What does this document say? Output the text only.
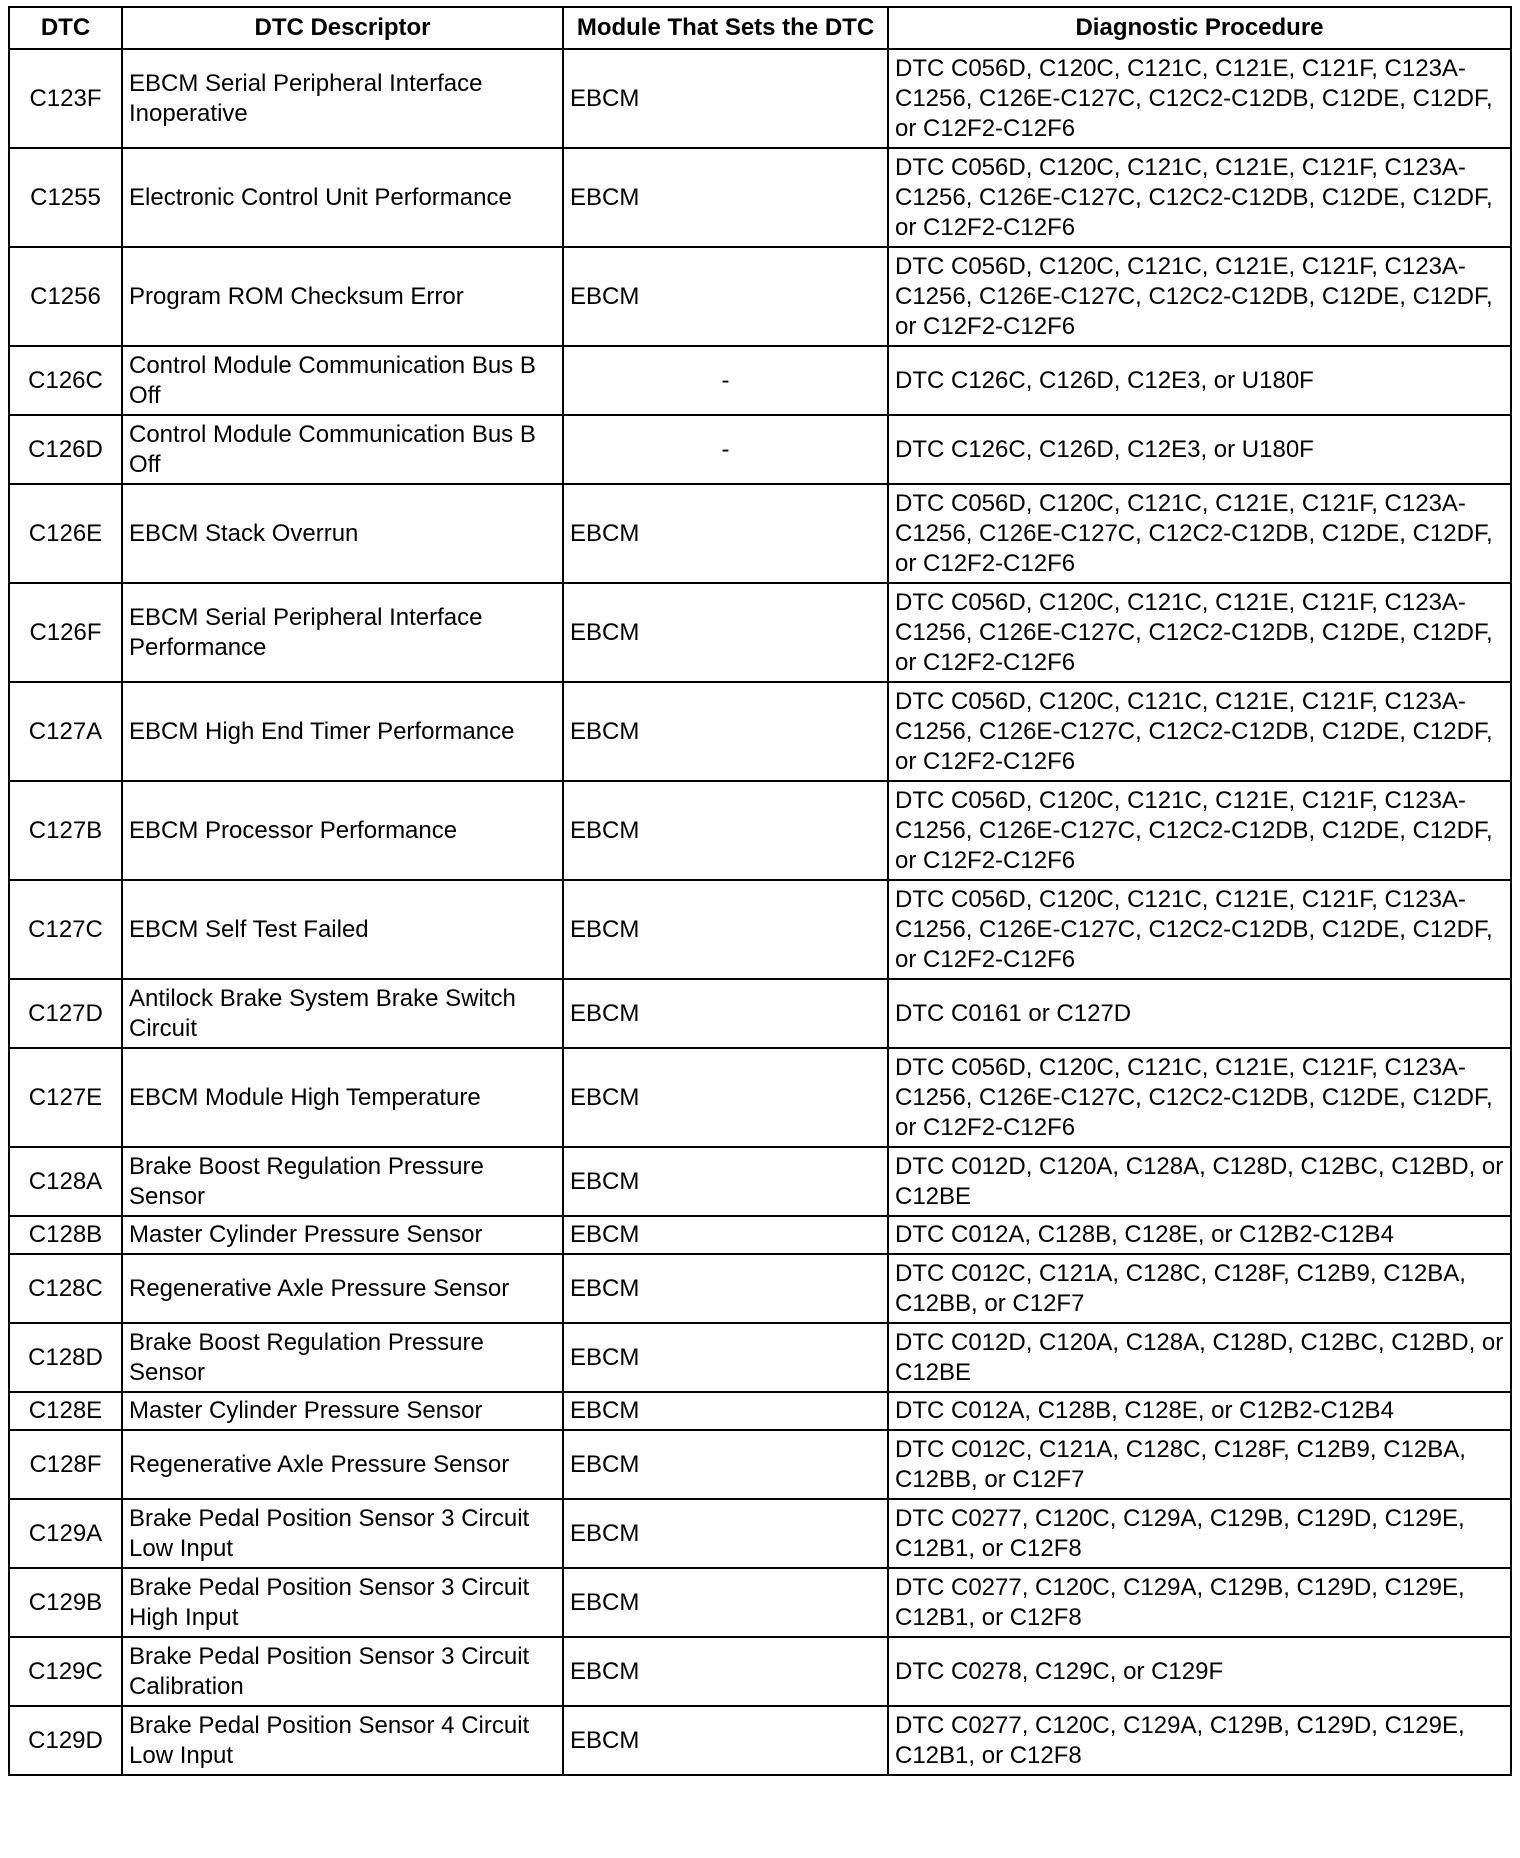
DTC	DTC Descriptor	Module That Sets the DTC	Diagnostic Procedure
C123F	EBCM Serial Peripheral Interface Inoperative	EBCM	DTC C056D, C120C, C121C, C121E, C121F, C123A-C1256, C126E-C127C, C12C2-C12DB, C12DE, C12DF, or C12F2-C12F6
C1255	Electronic Control Unit Performance	EBCM	DTC C056D, C120C, C121C, C121E, C121F, C123A-C1256, C126E-C127C, C12C2-C12DB, C12DE, C12DF, or C12F2-C12F6
C1256	Program ROM Checksum Error	EBCM	DTC C056D, C120C, C121C, C121E, C121F, C123A-C1256, C126E-C127C, C12C2-C12DB, C12DE, C12DF, or C12F2-C12F6
C126C	Control Module Communication Bus B Off	-	DTC C126C, C126D, C12E3, or U180F
C126D	Control Module Communication Bus B Off	-	DTC C126C, C126D, C12E3, or U180F
C126E	EBCM Stack Overrun	EBCM	DTC C056D, C120C, C121C, C121E, C121F, C123A-C1256, C126E-C127C, C12C2-C12DB, C12DE, C12DF, or C12F2-C12F6
C126F	EBCM Serial Peripheral Interface Performance	EBCM	DTC C056D, C120C, C121C, C121E, C121F, C123A-C1256, C126E-C127C, C12C2-C12DB, C12DE, C12DF, or C12F2-C12F6
C127A	EBCM High End Timer Performance	EBCM	DTC C056D, C120C, C121C, C121E, C121F, C123A-C1256, C126E-C127C, C12C2-C12DB, C12DE, C12DF, or C12F2-C12F6
C127B	EBCM Processor Performance	EBCM	DTC C056D, C120C, C121C, C121E, C121F, C123A-C1256, C126E-C127C, C12C2-C12DB, C12DE, C12DF, or C12F2-C12F6
C127C	EBCM Self Test Failed	EBCM	DTC C056D, C120C, C121C, C121E, C121F, C123A-C1256, C126E-C127C, C12C2-C12DB, C12DE, C12DF, or C12F2-C12F6
C127D	Antilock Brake System Brake Switch Circuit	EBCM	DTC C0161 or C127D
C127E	EBCM Module High Temperature	EBCM	DTC C056D, C120C, C121C, C121E, C121F, C123A-C1256, C126E-C127C, C12C2-C12DB, C12DE, C12DF, or C12F2-C12F6
C128A	Brake Boost Regulation Pressure Sensor	EBCM	DTC C012D, C120A, C128A, C128D, C12BC, C12BD, or C12BE
C128B	Master Cylinder Pressure Sensor	EBCM	DTC C012A, C128B, C128E, or C12B2-C12B4
C128C	Regenerative Axle Pressure Sensor	EBCM	DTC C012C, C121A, C128C, C128F, C12B9, C12BA, C12BB, or C12F7
C128D	Brake Boost Regulation Pressure Sensor	EBCM	DTC C012D, C120A, C128A, C128D, C12BC, C12BD, or C12BE
C128E	Master Cylinder Pressure Sensor	EBCM	DTC C012A, C128B, C128E, or C12B2-C12B4
C128F	Regenerative Axle Pressure Sensor	EBCM	DTC C012C, C121A, C128C, C128F, C12B9, C12BA, C12BB, or C12F7
C129A	Brake Pedal Position Sensor 3 Circuit Low Input	EBCM	DTC C0277, C120C, C129A, C129B, C129D, C129E, C12B1, or C12F8
C129B	Brake Pedal Position Sensor 3 Circuit High Input	EBCM	DTC C0277, C120C, C129A, C129B, C129D, C129E, C12B1, or C12F8
C129C	Brake Pedal Position Sensor 3 Circuit Calibration	EBCM	DTC C0278, C129C, or C129F
C129D	Brake Pedal Position Sensor 4 Circuit Low Input	EBCM	DTC C0277, C120C, C129A, C129B, C129D, C129E, C12B1, or C12F8
